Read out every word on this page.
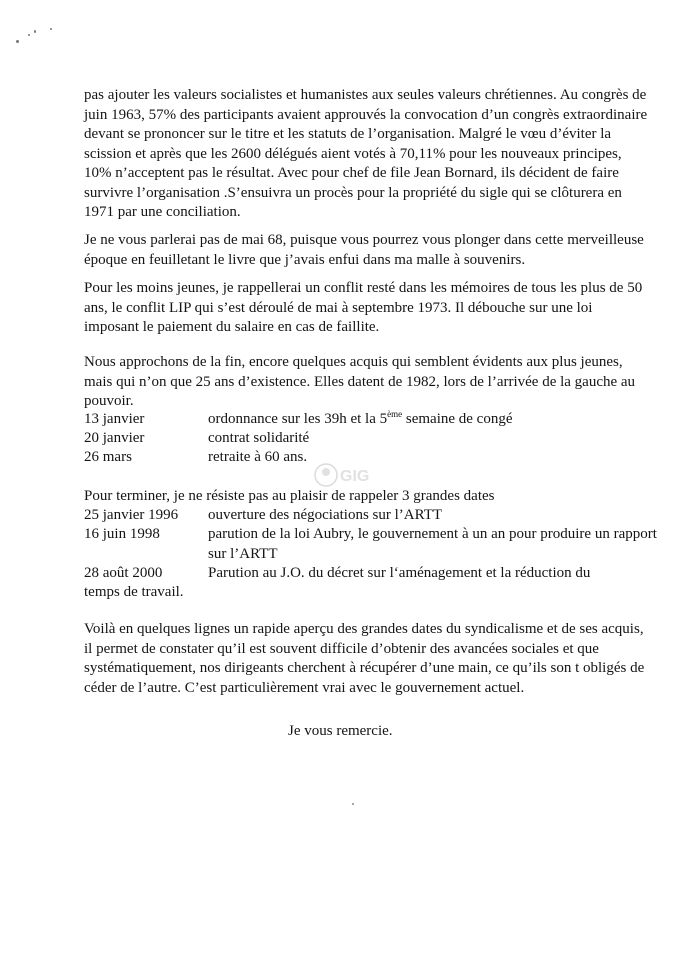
pas ajouter les valeurs socialistes et humanistes aux seules valeurs chrétiennes. Au congrès de juin 1963, 57% des participants avaient approuvés la convocation d’un congrès extraordinaire devant se prononcer sur le titre et les statuts de l’organisation. Malgré le vœu d’éviter la scission et après que les 2600 délégués aient votés à 70,11% pour les nouveaux principes, 10% n’acceptent pas le résultat. Avec pour chef de file Jean Bornard, ils décident de faire survivre l’organisation .S’ensuivra un procès pour la propriété du sigle qui se clôturera en 1971 par une conciliation.

Je ne vous parlerai pas de mai 68, puisque vous pourrez vous plonger dans cette merveilleuse époque en feuilletant le livre que j’avais enfui dans ma malle à souvenirs.

Pour les moins jeunes, je rappellerai un conflit resté dans les mémoires de tous les plus de 50 ans, le conflit LIP qui s’est déroulé de mai à septembre 1973. Il débouche sur une loi imposant le paiement du salaire en cas de faillite.

Nous approchons de la fin, encore quelques acquis qui semblent évidents aux plus jeunes, mais qui n’on que 25 ans d’existence. Elles datent de 1982, lors de l’arrivée de la gauche au pouvoir.

13 janvier	ordonnance sur les 39h et la 5ème semaine de congé
20 janvier	contrat solidarité
26 mars	retraite à 60 ans.
GIG

Pour terminer, je ne résiste pas au plaisir de rappeler 3 grandes dates

25 janvier 1996 ouverture des négociations sur l’ARTT
16 juin 1998	parution de la loi Aubry, le gouvernement à un an pour produire un rapport sur l’ARTT
28 août 2000	Parution au J.O. du décret sur l‘aménagement et la réduction du
temps de travail.

Voilà en quelques lignes un rapide aperçu des grandes dates du syndicalisme et de ses acquis, il permet de constater qu’il est souvent difficile d’obtenir des avancées sociales et que systématiquement, nos dirigeants cherchent à récupérer d’une main, ce qu’ils son t obligés de céder de l’autre. C’est particulièrement vrai avec le gouvernement actuel.

Je vous remercie.
